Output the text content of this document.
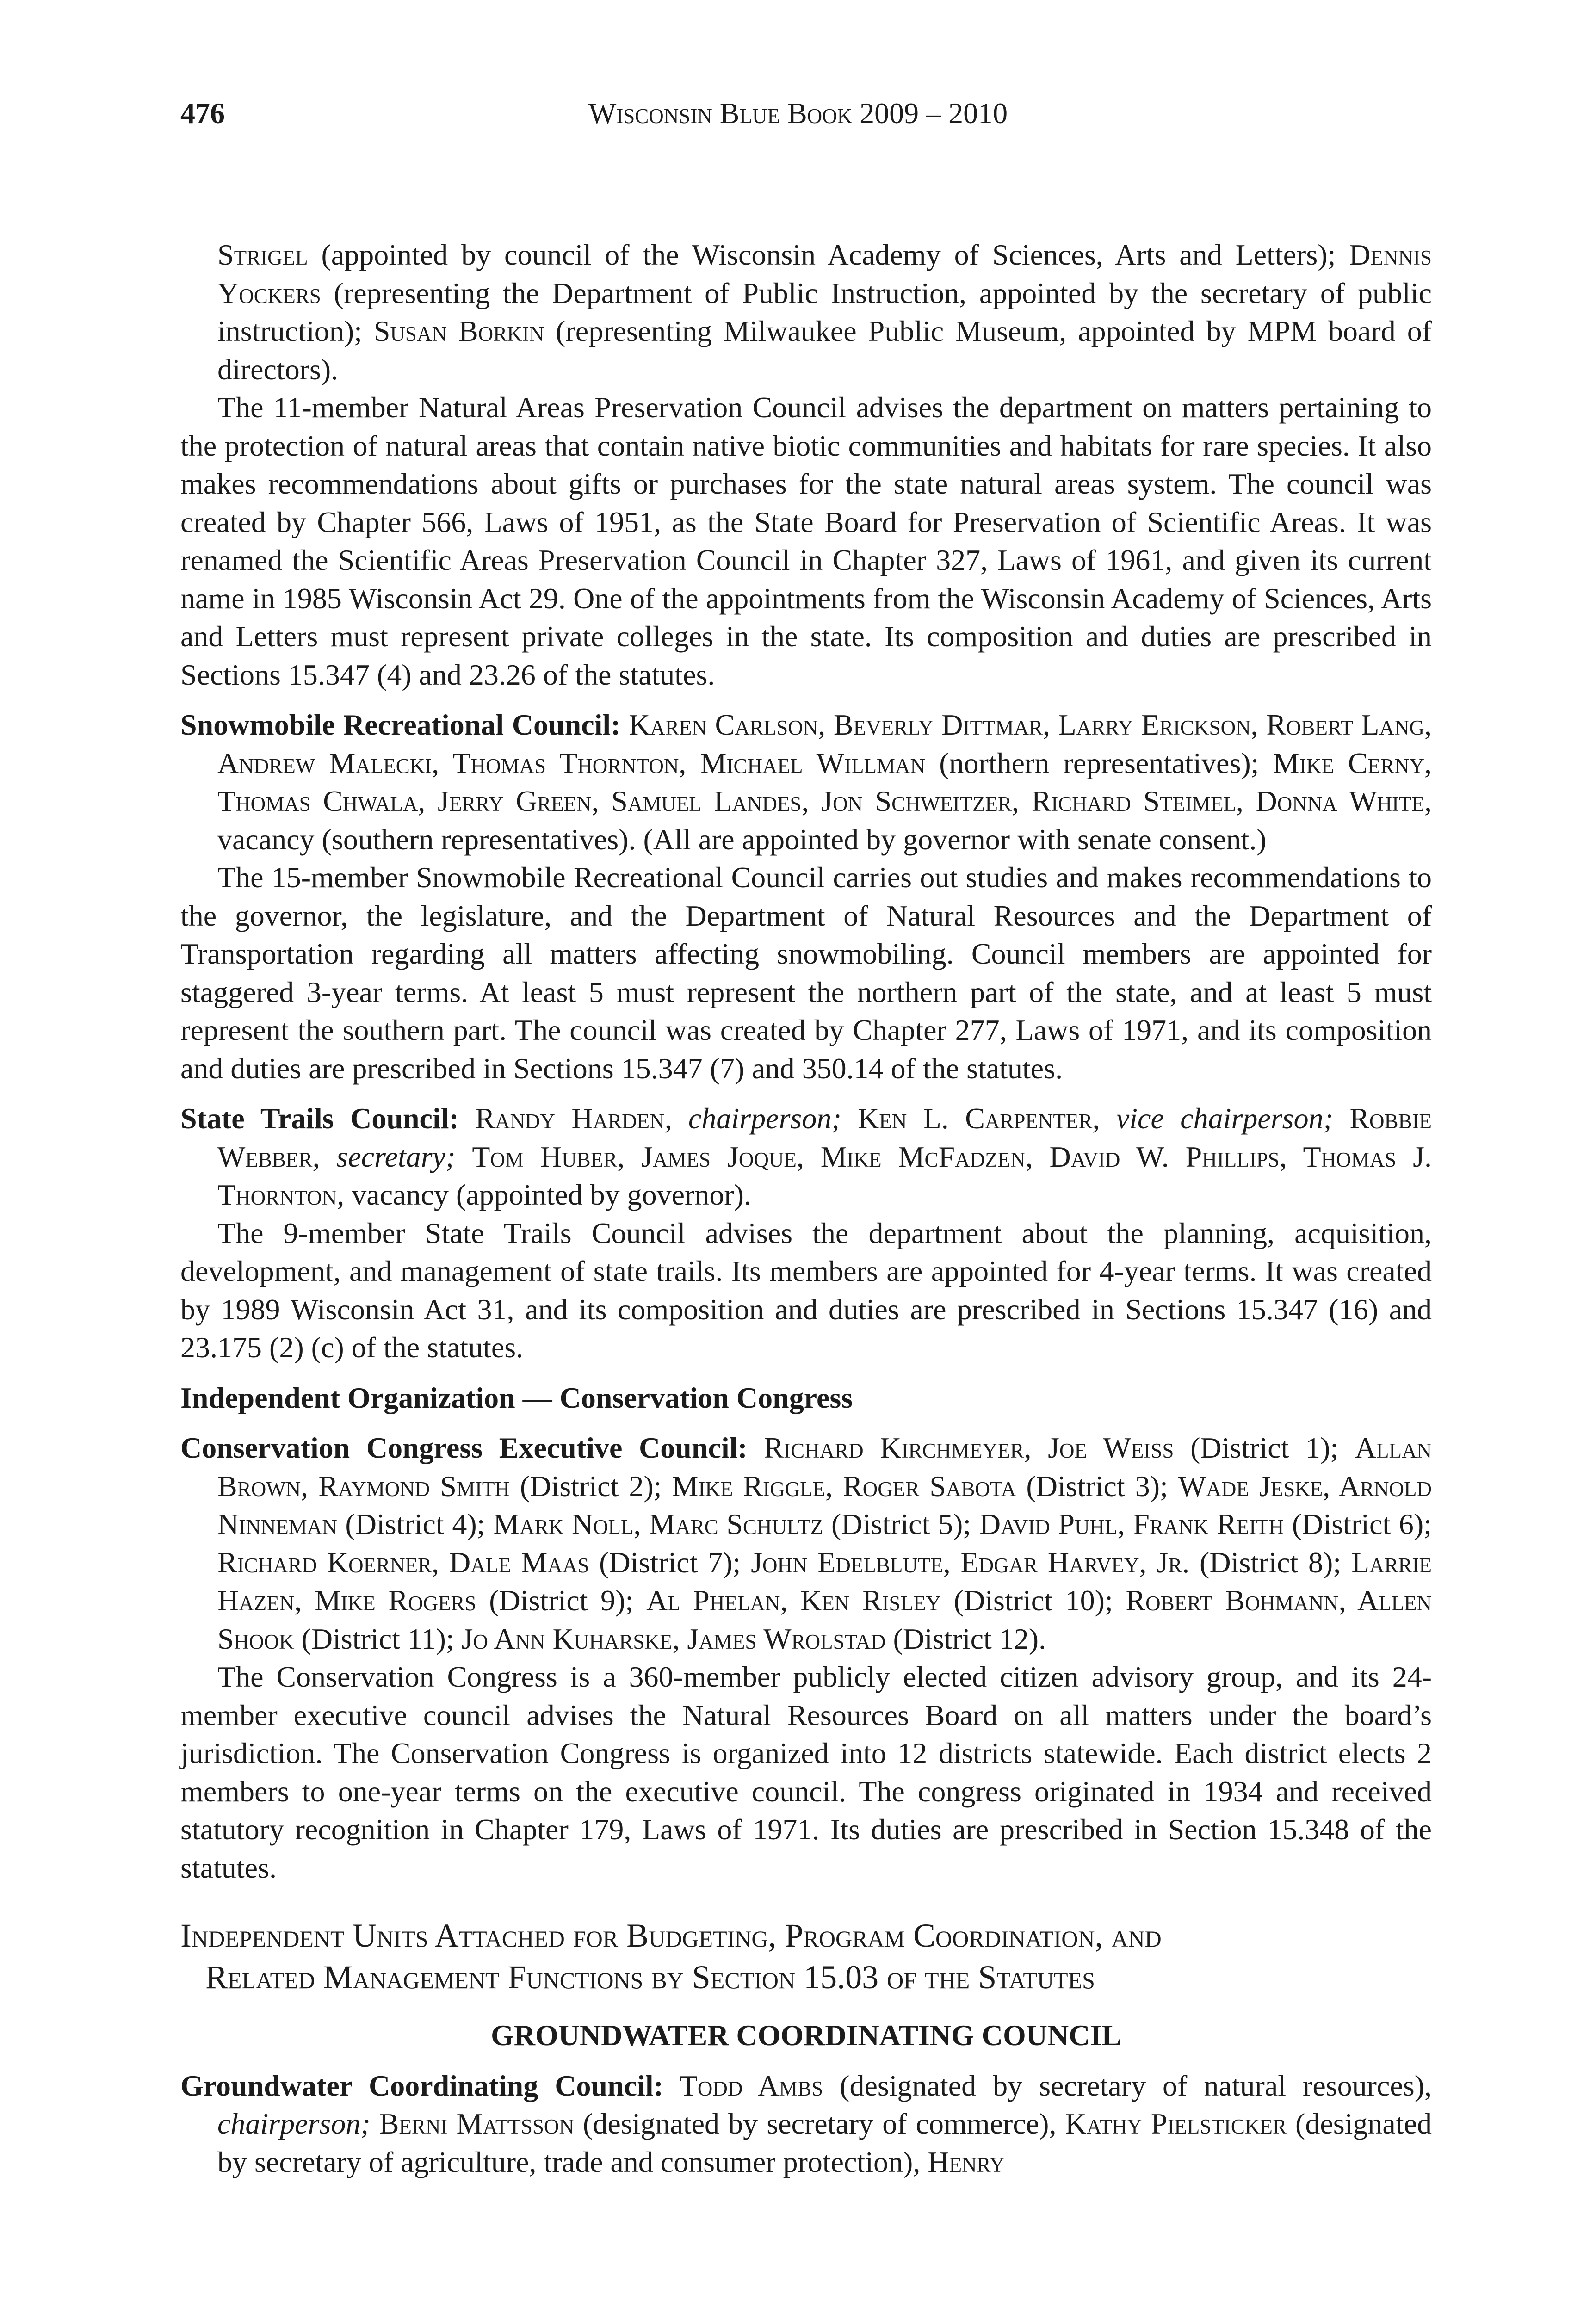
476	Wisconsin Blue Book 2009 – 2010

Strigel (appointed by council of the Wisconsin Academy of Sciences, Arts and Letters); Dennis Yockers (representing the Department of Public Instruction, appointed by the secretary of public instruction); Susan Borkin (representing Milwaukee Public Museum, appointed by MPM board of directors).

The 11-member Natural Areas Preservation Council advises the department on matters pertaining to the protection of natural areas that contain native biotic communities and habitats for rare species. It also makes recommendations about gifts or purchases for the state natural areas system. The council was created by Chapter 566, Laws of 1951, as the State Board for Preservation of Scientific Areas. It was renamed the Scientific Areas Preservation Council in Chapter 327, Laws of 1961, and given its current name in 1985 Wisconsin Act 29. One of the appointments from the Wisconsin Academy of Sciences, Arts and Letters must represent private colleges in the state. Its composition and duties are prescribed in Sections 15.347 (4) and 23.26 of the statutes.

Snowmobile Recreational Council: Karen Carlson, Beverly Dittmar, Larry Erickson, Robert Lang, Andrew Malecki, Thomas Thornton, Michael Willman (northern representatives); Mike Cerny, Thomas Chwala, Jerry Green, Samuel Landes, Jon Schweitzer, Richard Steimel, Donna White, vacancy (southern representatives). (All are appointed by governor with senate consent.)

The 15-member Snowmobile Recreational Council carries out studies and makes recommendations to the governor, the legislature, and the Department of Natural Resources and the Department of Transportation regarding all matters affecting snowmobiling. Council members are appointed for staggered 3-year terms. At least 5 must represent the northern part of the state, and at least 5 must represent the southern part. The council was created by Chapter 277, Laws of 1971, and its composition and duties are prescribed in Sections 15.347 (7) and 350.14 of the statutes.

State Trails Council: Randy Harden, chairperson; Ken L. Carpenter, vice chairperson; Robbie Webber, secretary; Tom Huber, James Joque, Mike McFadzen, David W. Phillips, Thomas J. Thornton, vacancy (appointed by governor).

The 9-member State Trails Council advises the department about the planning, acquisition, development, and management of state trails. Its members are appointed for 4-year terms. It was created by 1989 Wisconsin Act 31, and its composition and duties are prescribed in Sections 15.347 (16) and 23.175 (2) (c) of the statutes.

Independent Organization — Conservation Congress

Conservation Congress Executive Council: Richard Kirchmeyer, Joe Weiss (District 1); Allan Brown, Raymond Smith (District 2); Mike Riggle, Roger Sabota (District 3); Wade Jeske, Arnold Ninneman (District 4); Mark Noll, Marc Schultz (District 5); David Puhl, Frank Reith (District 6); Richard Koerner, Dale Maas (District 7); John Edelblute, Edgar Harvey, Jr. (District 8); Larrie Hazen, Mike Rogers (District 9); Al Phelan, Ken Risley (District 10); Robert Bohmann, Allen Shook (District 11); Jo Ann Kuharske, James Wrolstad (District 12).

The Conservation Congress is a 360-member publicly elected citizen advisory group, and its 24-member executive council advises the Natural Resources Board on all matters under the board’s jurisdiction. The Conservation Congress is organized into 12 districts statewide. Each district elects 2 members to one-year terms on the executive council. The congress originated in 1934 and received statutory recognition in Chapter 179, Laws of 1971. Its duties are prescribed in Section 15.348 of the statutes.

Independent Units Attached for Budgeting, Program Coordination, and
Related Management Functions by Section 15.03 of the Statutes

GROUNDWATER COORDINATING COUNCIL

Groundwater Coordinating Council: Todd Ambs (designated by secretary of natural resources), chairperson; Berni Mattsson (designated by secretary of commerce), Kathy Pielsticker (designated by secretary of agriculture, trade and consumer protection), Henry
